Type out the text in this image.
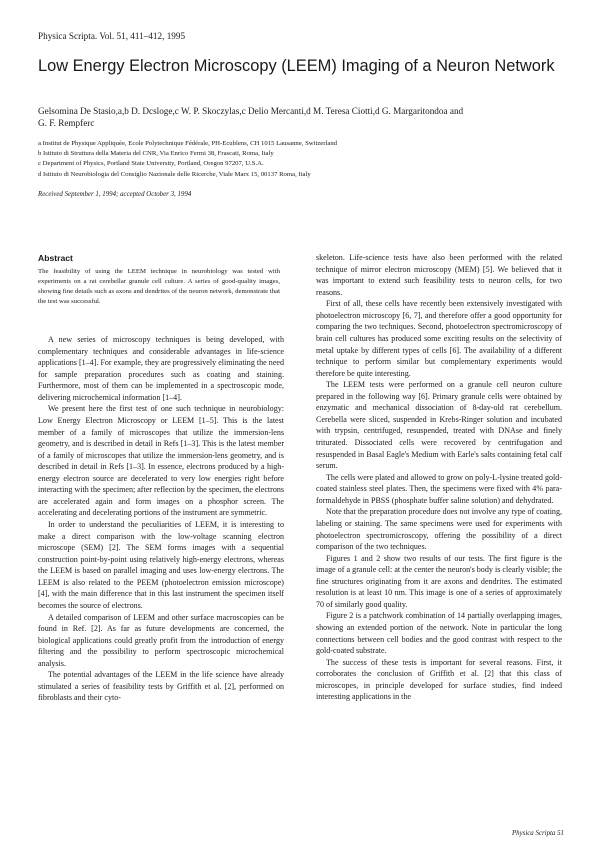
Physica Scripta. Vol. 51, 411–412, 1995
Low Energy Electron Microscopy (LEEM) Imaging of a Neuron Network
Gelsomina De Stasio,a,b D. Dcsloge,c W. P. Skoczylas,c Delio Mercanti,d M. Teresa Ciotti,d G. Margaritondoa and
G. F. Rempferc
a Institut de Physique Appliquée, Ecole Polytechnique Fédérale, PH-Ecublens, CH 1015 Lausanne, Switzerland
b Istituto di Struttura della Materia del CNR, Via Enrico Fermi 38, Frascati, Roma, Italy
c Department of Physics, Portland State University, Portland, Oregon 97207, U.S.A.
d Istituto di Neurobiologia del Consiglio Nazionale delle Ricerche, Viale Marx 15, 00137 Roma, Italy
Received September 1, 1994; accepted October 3, 1994
Abstract
The feasibility of using the LEEM technique in neurobiology was tested with experiments on a rat cerebellar granule cell culture. A series of good-quality images, showing fine details such as axons and dendrites of the neuron network, demonstrate that the test was successful.

A new series of microscopy techniques is being developed, with complementary techniques and considerable advantages in life-science applications [1–4]. For example, they are progressively eliminating the need for sample preparation procedures such as coating and staining. Furthermore, most of them can be implemented in a spectroscopic mode, delivering microchemical information [1–4].

We present here the first test of one such technique in neurobiology: Low Energy Electron Microscopy or LEEM [1–5]. This is the latest member of a family of microscopes that utilize the immersion-lens geometry, and is described in detail in Refs [1–3]. This is the latest member of a family of microscopes that utilize the immersion-lens geometry, and is described in detail in Refs [1–3]. In essence, electrons produced by a high-energy electron source are decelerated to very low energies right before interacting with the specimen; after reflection by the specimen, the electrons are accelerated again and form images on a phosphor screen. The accelerating and decelerating portions of the instrument are symmetric.

In order to understand the peculiarities of LEEM, it is interesting to make a direct comparison with the low-voltage scanning electron microscope (SEM) [2]. The SEM forms images with a sequential construction point-by-point using relatively high-energy electrons, whereas the LEEM is based on parallel imaging and uses low-energy electrons. The LEEM is also related to the PEEM (photoelectron emission microscope) [4], with the main difference that in this last instrument the specimen itself becomes the source of electrons.

A detailed comparison of LEEM and other surface macroscopies can be found in Ref. [2]. As far as future developments are concerned, the biological applications could greatly profit from the introduction of energy filtering and the possibility to perform spectroscopic microchemical analysis.

The potential advantages of the LEEM in the life science have already stimulated a series of feasibility tests by Griffith et al. [2], performed on fibroblasts and their cyto-

skeleton. Life-science tests have also been performed with the related technique of mirror electron microscopy (MEM) [5]. We believed that it was important to extend such feasibility tests to neuron cells, for two reasons.

First of all, these cells have recently been extensively investigated with photoelectron microscopy [6, 7], and therefore offer a good opportunity for comparing the two techniques. Second, photoelectron spectromicroscopy of brain cell cultures has produced some exciting results on the selectivity of metal uptake by different types of cells [6]. The availability of a different technique to perform similar but complementary experiments would therefore be quite interesting.

The LEEM tests were performed on a granule cell neuron culture prepared in the following way [6]. Primary granule cells were obtained by enzymatic and mechanical dissociation of 8-day-old rat cerebellum. Cerebella were sliced, suspended in Krebs-Ringer solution and incubated with trypsin, centrifuged, resuspended, treated with DNAse and finely triturated. Dissociated cells were recovered by centrifugation and resuspended in Basal Eagle's Medium with Earle's salts containing fetal calf serum.

The cells were plated and allowed to grow on poly-L-lysine treated gold-coated stainless steel plates. Then, the specimens were fixed with 4% para-formaldehyde in PBSS (phosphate buffer saline solution) and dehydrated.

Note that the preparation procedure does not involve any type of coating, labeling or staining. The same specimens were used for experiments with photoelectron spectromicroscopy, offering the possibility of a direct comparison of the two techniques.

Figures 1 and 2 show two results of our tests. The first figure is the image of a granule cell: at the center the neuron's body is clearly visible; the fine structures originating from it are axons and dendrites. The estimated resolution is at least 10 nm. This image is one of a series of approximately 70 of similarly good quality.

Figure 2 is a patchwork combination of 14 partially overlapping images, showing an extended portion of the network. Note in particular the long connections between cell bodies and the good contrast with respect to the gold-coated substrate.

The success of these tests is important for several reasons. First, it corroborates the conclusion of Griffith et al. [2] that this class of microscopes, in principle developed for surface studies, find indeed interesting applications in the

Physica Scripta 51
